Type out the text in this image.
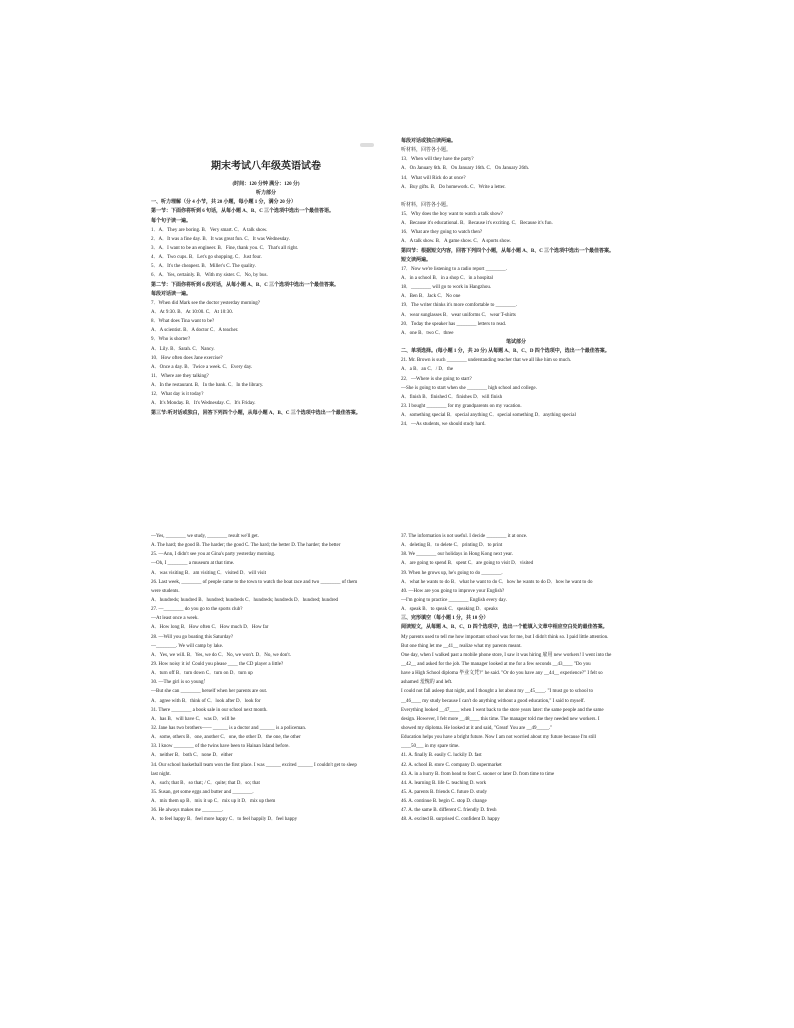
期末考试八年级英语试卷
(时间：120 分钟 满分：120 分)
听力部分
一、听力理解（分 4 小节，共 20 小题，每小题 1 分，满分 20 分）
第一节：下面你将听到 6 句话，从每小题 A、B、C 三个选项中选出一个最佳答语。
每个句子读一遍。
1．A．They are boring. B．Very smart. C．A talk show.
2．A．It was a fine day. B．It was great fun. C．It was Wednesday.
3．A．I want to be an engineer. B．Fine, thank you. C．That's all right.
4．A．Two cups. B．Let's go shopping. C．Just four.
5．A．It's the cheapest. B．Miller's C. The quality.
6．A．Yes, certainly. B．With my sister. C．No, by bus.
第二节：下面你将听到 6 段对话，从每小题 A、B、C 三个选项中选出一个最佳答案。
每段对话读一遍。
7．When did Mark see the doctor yesterday morning?
A．At 9:30. B．At 10:00. C．At 10:30.
8．What does Tina want to be?
A．A scientist. B．A doctor C．A teacher.
9．Who is shorter?
A．Lily. B．Sarah. C．Nancy.
10．How often does Jane exercise?
A．Once a day. B．Twice a week. C．Every day.
11．Where are they talking?
A．In the restaurant. B．In the bank. C．In the library.
12．What day is it today?
A．It's Monday. B．It's Wednesday. C．It's Friday.
第三节:听对话或独白，回答下列四个小题，从每小题 A、B、C 三个选项中选出一个最佳答案。
每段对话或独白读两遍。
听材料，回答各小题。
13．When will they have the party?
A．On January 6th. B．On January 16th. C．On January 26th.
14．What will Rick do at once?
A．Buy gifts. B．Do homework. C．Write a letter.
听材料，回答各小题。
15．Why does the boy want to watch a talk show?
A．Because it's educational. B．Because it's exciting. C．Because it's fun.
16．What are they going to watch then?
A．A talk show. B．A game show. C．A sports show.
第四节：根据短文内容，回答下列四个小题，从每小题 A、B、C 三个选项中选出一个最佳答案。
短文读两遍。
17．Now we're listening to a radio report ________.
A．in a school B．in a shop C．in a hospital
18．________ will go to work in Hangzhou.
A．Ben B．Jack C．No one
19．The writer thinks it's more comfortable to ________.
A．wear sunglasses B．wear uniforms C．wear T-shirts
20．Today the speaker has ________ letters to read.
A．one B．two C．three
笔试部分
二、单项选择。(每小题 1 分，共 20 分) 从每题 A、B、C、D 四个选项中，选出一个最佳答案。
21. Mr. Brown is such ________ understanding teacher that we all like him so much.
A．a B．an C．/ D．the
22．—Where is she going to start?
—She is going to start when she ________ high school and college.
A．finish B．finished C．finishes D．will finish
23. I bought ________ for my grandparents on my vacation.
A．something special B．special anything C．special something D．anything special
24．—As students, we should study hard.
—Yes, ________ we study, ________ result we'll get.
A. The hard; the good B. The harder; the good C. The hard; the better D. The harder; the better
25. —Ann, I didn't see you at Gina's party yesterday morning.
—Oh, I ________ a museum at that time.
A．was visiting B．am visiting C．visited D．will visit
26. Last week, ________ of people came to the town to watch the boat race and two ________ of them
were students.
A．hundreds; hundred B．hundred; hundreds C．hundreds; hundreds D．hundred; hundred
27. —________ do you go to the sports club?
—At least once a week.
A．How long B．How often C．How much D．How far
28. —Will you go boating this Saturday?
—________. We will camp by lake.
A．Yes, we will. B．Yes, we do C．No, we won't. D．No, we don't.
29. How noisy it is! Could you please ____ the CD player a little?
A．turn off B．turn down C．turn on D．turn up
30. —The girl is so young！
—But she can ________ herself when her parents are out.
A．agree with B．think of C．look after D．look for
31. There ________ a book sale in our school next month.
A．has B．will have C．was D．will be
32. Jane has two brothers—— ______ is a doctor and ______ is a policeman.
A．some, others B．one, another C．one, the other D．the one, the other
33. I know ________ of the twins have been to Hainan Island before.
A．neither B．both C．none D．either
34. Our school basketball team won the first place. I was ______ excited ______ I couldn't get to sleep
last night.
A．such; that B．so that; / C．quite; that D．so; that
35. Susan, get some eggs and butter and ________.
A．mix them up B．mix it up C．mix up it D．mix up them
36. He always makes me ________.
A．to feel happy B．feel more happy C．to feel happily D．feel happy
37. The information is not useful. I decide ________ it at once.
A．deleting B．to delete C．printing D．to print
38. We ________ our holidays in Hong Kong next year.
A．are going to spend B．spent C．are going to visit D．visited
39. When he grows up, he's going to do ________.
A．what he wants to do B．what he want to do C．how he wants to do D．how he want to do
40. —How are you going to improve your English?
—I'm going to practice ________ English every day.
A．speak B．to speak C．speaking D．speaks
三、完形填空（每小题 1 分，共 10 分）
阅读短文，从每题 A、B、C、D 四个选项中，选出一个能填入文章中相应空白处的最佳答案。
My parents used to tell me how important school was for me, but I didn't think so. I paid little attention.
But one thing let me __41__ realize what my parents meant.
One day, when I walked past a mobile phone store, I saw it was hiring 雇用 new workers! I went into the
__42__ and asked for the job. The manager looked at me for a few seconds __43____ "Do you
have a High School diploma 毕业文凭?" he said. "Or do you have any __44__ experience?" I felt so
ashamed 羞愧的 and left.
I could not fall asleep that night, and I thought a lot about my __45____. "I must go to school to
__46____ my study because I can't do anything without a good education," I said to myself.
Everything looked __47____ when I went back to the store years later: the same people and the same
design. However, I felt more __48____ this time. The manager told me they needed new workers. I
showed my diploma. He looked at it and said, "Great! You are __49_____."
Education helps you have a bright future. Now I am not worried about my future because I'm still
____50___ in my spare time.
41. A. finally B. easily C. luckily D. fast
42. A. school B. store C. company D. supermarket
43. A. in a hurry B. from head to foot C. sooner or later D. from time to time
44. A. learning B. life C. teaching D. work
45. A. parents B. friends C. future D. study
46. A. continue B. begin C. stop D. change
47. A. the same B. different C. friendly D. fresh
48. A. excited B. surprised C. confident D. happy
